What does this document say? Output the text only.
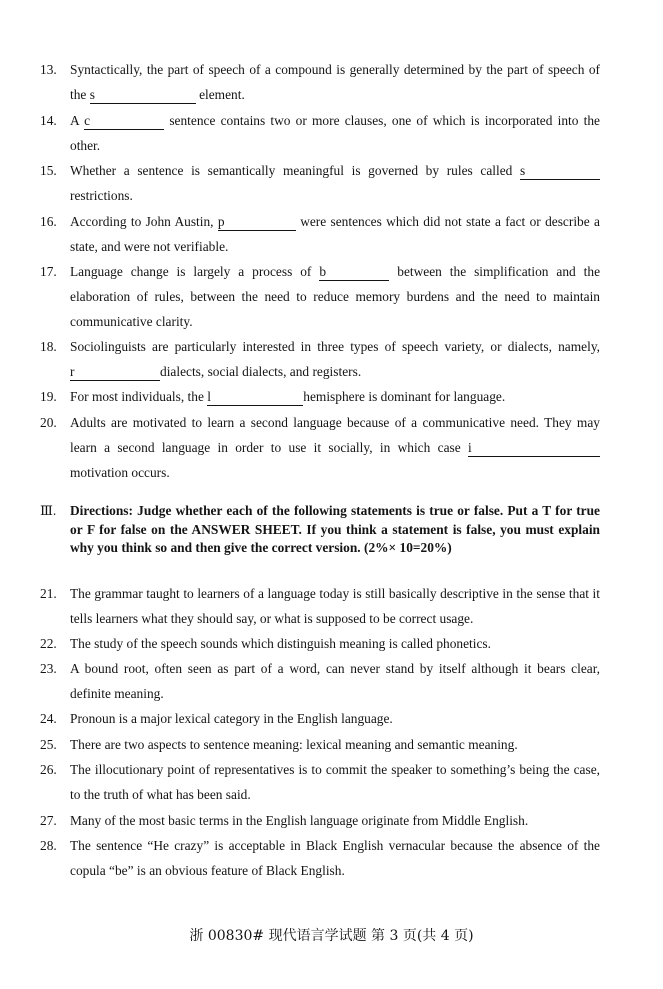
13. Syntactically, the part of speech of a compound is generally determined by the part of speech of the s	element.
14. A c	sentence contains two or more clauses, one of which is incorporated into the other.
15. Whether a sentence is semantically meaningful is governed by rules called s restrictions.
16. According to John Austin, p	were sentences which did not state a fact or describe a state, and were not verifiable.
17. Language change is largely a process of b	between the simplification and the elaboration of rules, between the need to reduce memory burdens and the need to maintain communicative clarity.
18. Sociolinguists are particularly interested in three types of speech variety, or dialects, namely, r	dialects, social dialects, and registers.
19. For most individuals, the l	hemisphere is dominant for language.
20. Adults are motivated to learn a second language because of a communicative need. They may learn a second language in order to use it socially, in which case imotivation occurs.
Ⅲ. Directions: Judge whether each of the following statements is true or false. Put a T for true or F for false on the ANSWER SHEET. If you think a statement is false, you must explain why you think so and then give the correct version. (2%× 10=20%)
21. The grammar taught to learners of a language today is still basically descriptive in the sense that it tells learners what they should say, or what is supposed to be correct usage.
22. The study of the speech sounds which distinguish meaning is called phonetics.
23. A bound root, often seen as part of a word, can never stand by itself although it bears clear, definite meaning.
24. Pronoun is a major lexical category in the English language.
25. There are two aspects to sentence meaning: lexical meaning and semantic meaning.
26. The illocutionary point of representatives is to commit the speaker to something’s being the case, to the truth of what has been said.
27. Many of the most basic terms in the English language originate from Middle English.
28. The sentence “He crazy” is acceptable in Black English vernacular because the absence of the copula “be” is an obvious feature of Black English.
浙 00830# 现代语言学试题 第 3 页(共 4 页)
